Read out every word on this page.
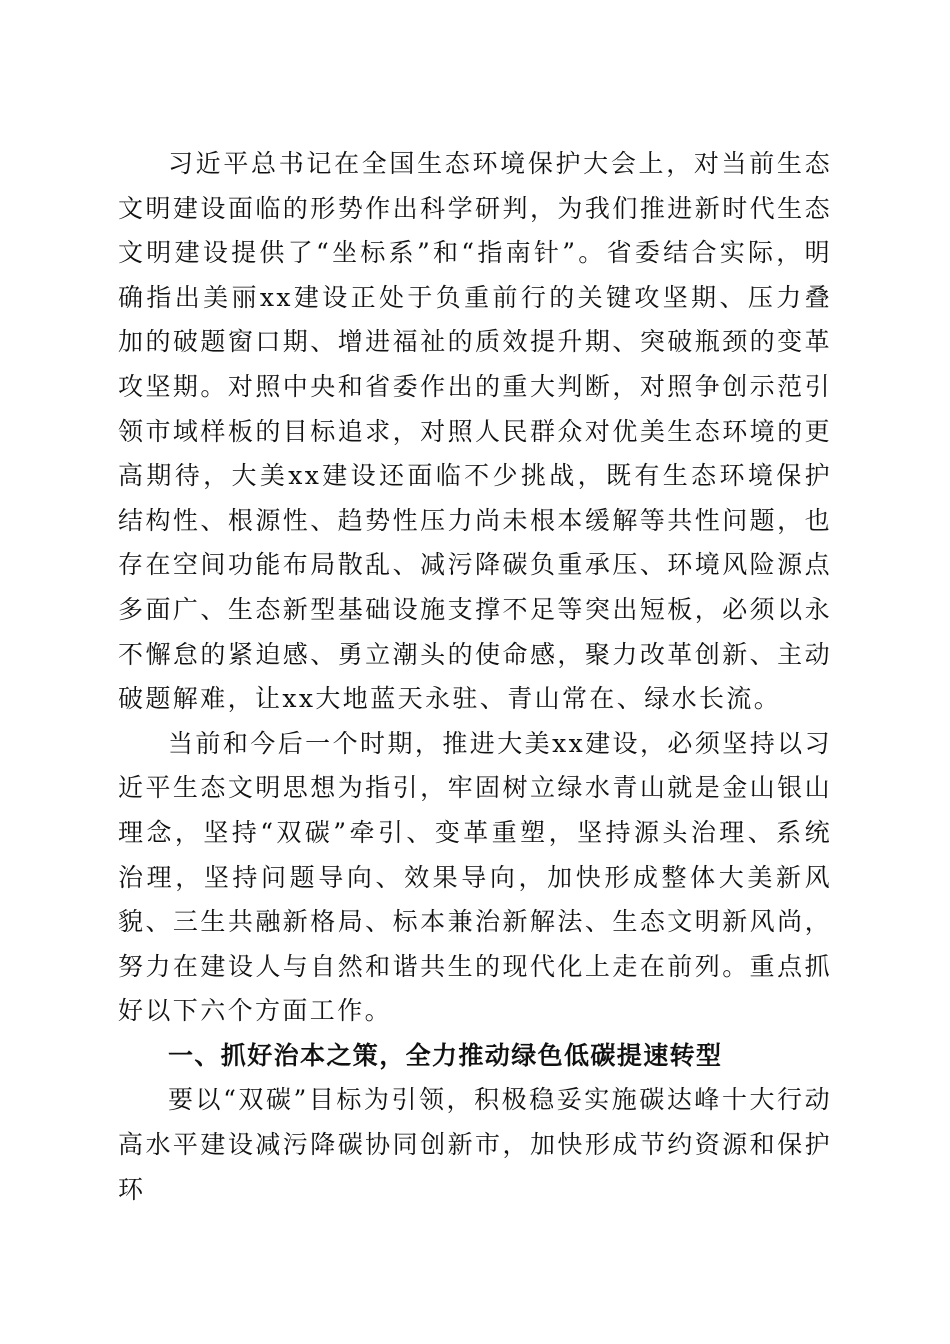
习近平总书记在全国生态环境保护大会上，对当前生态文明建设面临的形势作出科学研判，为我们推进新时代生态文明建设提供了“坐标系”和“指南针”。省委结合实际，明确指出美丽xx建设正处于负重前行的关键攻坚期、压力叠加的破题窗口期、增进福祉的质效提升期、突破瓶颈的变革攻坚期。对照中央和省委作出的重大判断，对照争创示范引领市域样板的目标追求，对照人民群众对优美生态环境的更高期待，大美xx建设还面临不少挑战，既有生态环境保护结构性、根源性、趋势性压力尚未根本缓解等共性问题，也存在空间功能布局散乱、减污降碳负重承压、环境风险源点多面广、生态新型基础设施支撑不足等突出短板，必须以永不懈怠的紧迫感、勇立潮头的使命感，聚力改革创新、主动破题解难，让xx大地蓝天永驻、青山常在、绿水长流。

当前和今后一个时期，推进大美xx建设，必须坚持以习近平生态文明思想为指引，牢固树立绿水青山就是金山银山理念，坚持“双碳”牵引、变革重塑，坚持源头治理、系统治理，坚持问题导向、效果导向，加快形成整体大美新风貌、三生共融新格局、标本兼治新解法、生态文明新风尚，努力在建设人与自然和谐共生的现代化上走在前列。重点抓好以下六个方面工作。

一、抓好治本之策，全力推动绿色低碳提速转型

要以“双碳”目标为引领，积极稳妥实施碳达峰十大行动高水平建设减污降碳协同创新市，加快形成节约资源和保护环
